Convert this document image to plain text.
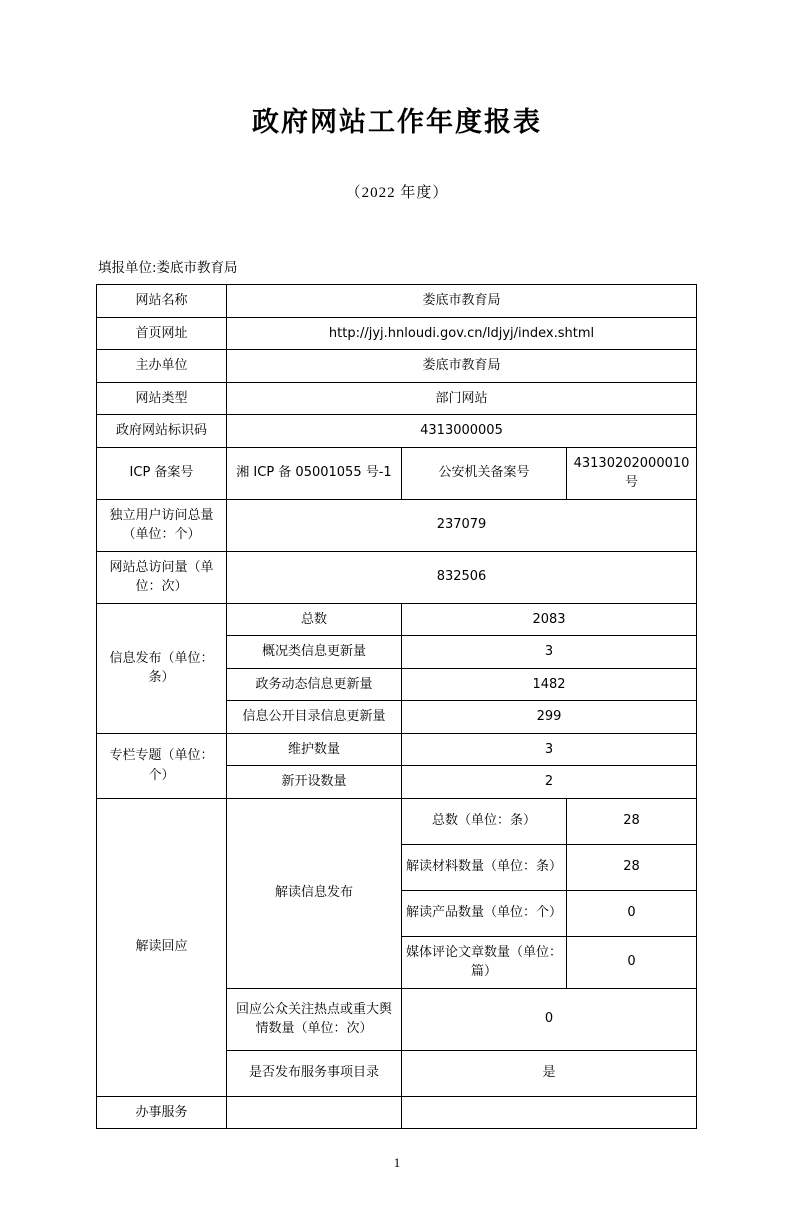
政府网站工作年度报表
（2022 年度）
填报单位:娄底市教育局
网站名称	娄底市教育局		
首页网址	http://jyj.hnloudi.gov.cn/ldjyj/index.shtml		
主办单位	娄底市教育局		
网站类型	部门网站		
政府网站标识码	4313000005		
ICP 备案号	湘 ICP 备 05001055 号-1	公安机关备案号	43130202000010 号
独立用户访问总量（单位：个）	237079		
网站总访问量（单位：次）	832506		
信息发布（单位：条）	总数	2083	
	概况类信息更新量	3	
	政务动态信息更新量	1482	
	信息公开目录信息更新量	299	
专栏专题（单位：个）	维护数量	3	
	新开设数量	2	
解读回应	解读信息发布	总数（单位：条）	28
		解读材料数量（单位：条）	28
		解读产品数量（单位：个）	0
		媒体评论文章数量（单位：篇）	0
	回应公众关注热点或重大舆情数量（单位：次）	0	
	是否发布服务事项目录	是	
办事服务			
1
